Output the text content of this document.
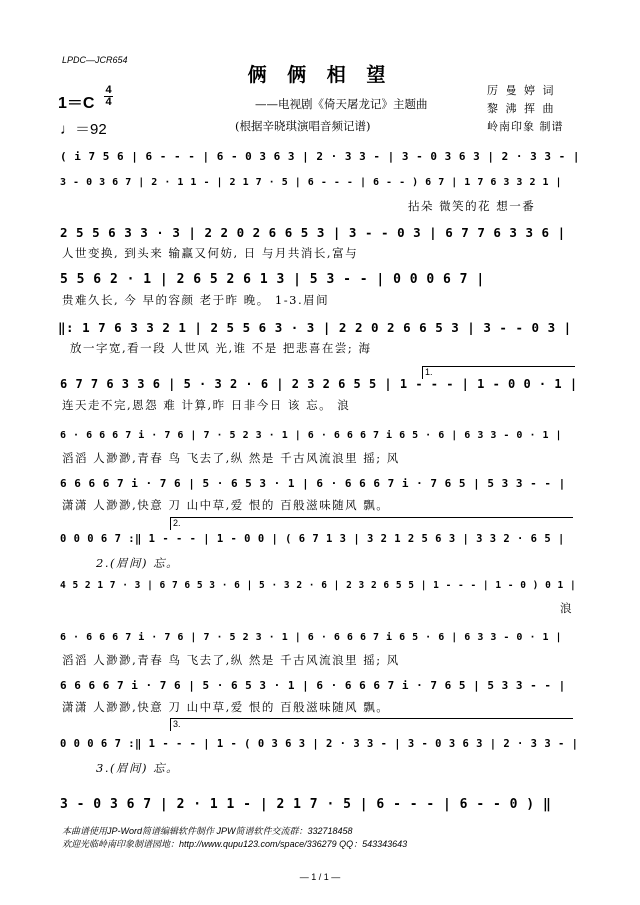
LPDC—JCR654
俩 俩 相 望
——电视剧《倚天屠龙记》主题曲
(根据辛晓琪演唱音频记谱)
厉 曼 婷 词
黎 沸 挥 曲
岭南印象 制谱
1＝C
4
4
♩＝92
( i 7 5 6 | 6 - - - | 6 - 0 3 6 3 | 2 · 3 3 - | 3 - 0 3 6 3 | 2 · 3 3 - |
3 - 0 3 6 7 | 2 · 1 1 - | 2 1 7 · 5 | 6 - - - | 6 - - ) 6 7 | 1 7 6 3 3 2 1 |
拈朵 微笑的花 想一番
2 5 5 6 3 3 · 3 | 2 2 0 2 6 6 5 3 | 3 - - 0 3 | 6 7 7 6 3 3 6 |
人世变换, 到头来 输赢又何妨, 日 与月共消长,富与
5 5 6 2 · 1 | 2 6 5 2 6 1 3 | 5 3 - - | 0 0 0 6 7 |
贵难久长, 今 早的容颜 老于昨 晚。 1-3.眉间
‖: 1 7 6 3 3 2 1 | 2 5 5 6 3 · 3 | 2 2 0 2 6 6 5 3 | 3 - - 0 3 |
放一字宽,看一段 人世风 光,谁 不是 把悲喜在尝; 海
1.
6 7 7 6 3 3 6 | 5 · 3 2 · 6 | 2 3 2 6 5 5 | 1 - - - | 1 - 0 0 · 1 |
连天走不完,恩怨 难 计算,昨 日非今日 该 忘。 浪
6 · 6 6 6 7 i · 7 6 | 7 · 5 2 3 · 1 | 6 · 6 6 6 7 i 6 5 · 6 | 6 3 3 - 0 · 1 |
滔滔 人渺渺,青春 鸟 飞去了,纵 然是 千古风流浪里 摇; 风
6 6 6 6 7 i · 7 6 | 5 · 6 5 3 · 1 | 6 · 6 6 6 7 i · 7 6 5 | 5 3 3 - - |
潇潇 人渺渺,快意 刀 山中草,爱 恨的 百般滋味随风 飘。
2.
0 0 0 6 7 :‖ 1 - - - | 1 - 0 0 | ( 6 7 1 3 | 3 2 1 2 5 6 3 | 3 3 2 · 6 5 |
2.(眉间) 忘。
4 5 2 1 7 · 3 | 6 7 6 5 3 · 6 | 5 · 3 2 · 6 | 2 3 2 6 5 5 | 1 - - - | 1 - 0 ) 0 1 |
浪
6 · 6 6 6 7 i · 7 6 | 7 · 5 2 3 · 1 | 6 · 6 6 6 7 i 6 5 · 6 | 6 3 3 - 0 · 1 |
滔滔 人渺渺,青春 鸟 飞去了,纵 然是 千古风流浪里 摇; 风
6 6 6 6 7 i · 7 6 | 5 · 6 5 3 · 1 | 6 · 6 6 6 7 i · 7 6 5 | 5 3 3 - - |
潇潇 人渺渺,快意 刀 山中草,爱 恨的 百般滋味随风 飘。
3.
0 0 0 6 7 :‖ 1 - - - | 1 - ( 0 3 6 3 | 2 · 3 3 - | 3 - 0 3 6 3 | 2 · 3 3 - |
3.(眉间) 忘。
3 - 0 3 6 7 | 2 · 1 1 - | 2 1 7 · 5 | 6 - - - | 6 - - 0 ) ‖
本曲谱使用JP-Word简谱编辑软件制作 JPW简谱软件交流群：332718458
欢迎光临岭南印象制谱园地：http://www.qupu123.com/space/336279 QQ：543343643
— 1 / 1 —
